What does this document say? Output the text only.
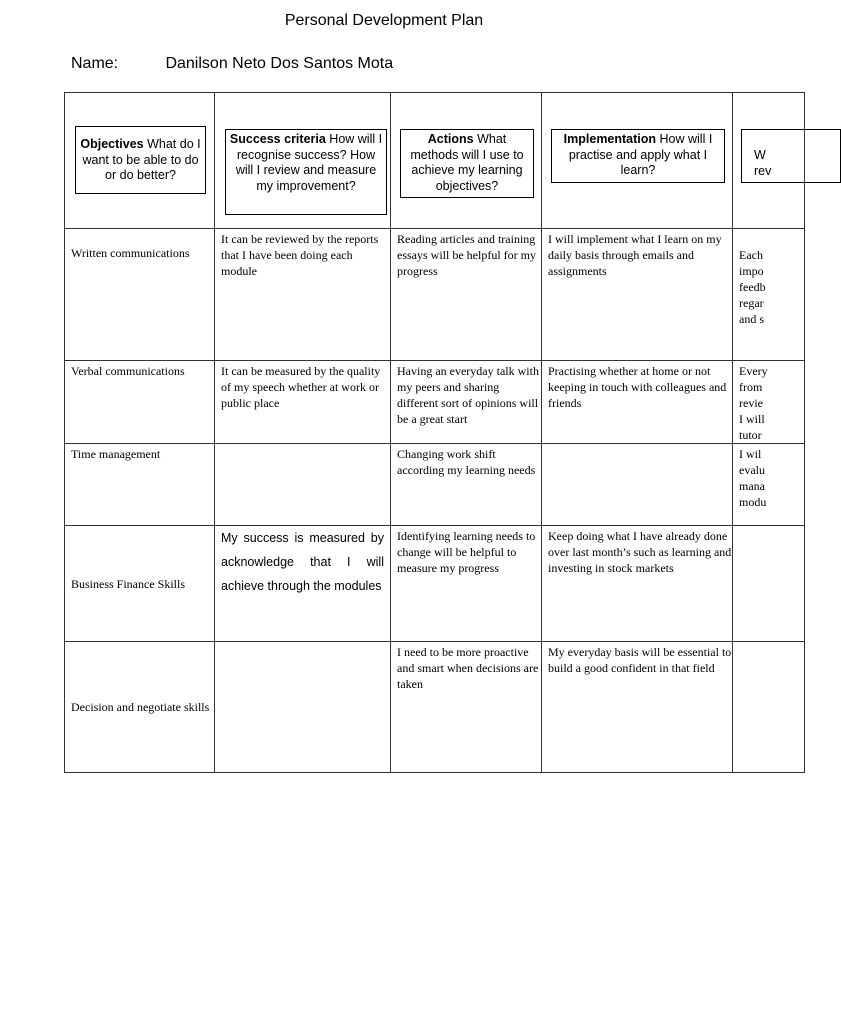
Personal Development Plan
Name:	Danilson Neto Dos Santos Mota
Objectives What do I want to be able to do or do better?	Success criteria How will I recognise success? How will I review and measure my improvement?	Actions What methods will I use to achieve my learning objectives?	Implementation How will I practise and apply what I learn?	W
rev

Written communications	It can be reviewed by the reports that I have been doing each module	Reading articles and training essays will be helpful for my progress	I will implement what I learn on my daily basis through emails and assignments	Each
impo
feedb
regar
and s

Verbal communications	It can be measured by the quality of my speech whether at work or public place	Having an everyday talk with my peers and sharing different sort of opinions will be a great start	Practising whether at home or not keeping in touch with colleagues and friends	Every
from
revie
I will
tutor

Time management		Changing work shift according my learning needs		I wil
evalu
mana
modu

Business Finance Skills	My success is measured by acknowledge that I will achieve through the modules	Identifying learning needs to change will be helpful to measure my progress	Keep doing what I have already done over last month’s such as learning and investing in stock markets	
Decision and negotiate skills		I need to be more proactive and smart when decisions are taken	My everyday basis will be essential to build a good confident in that field	
